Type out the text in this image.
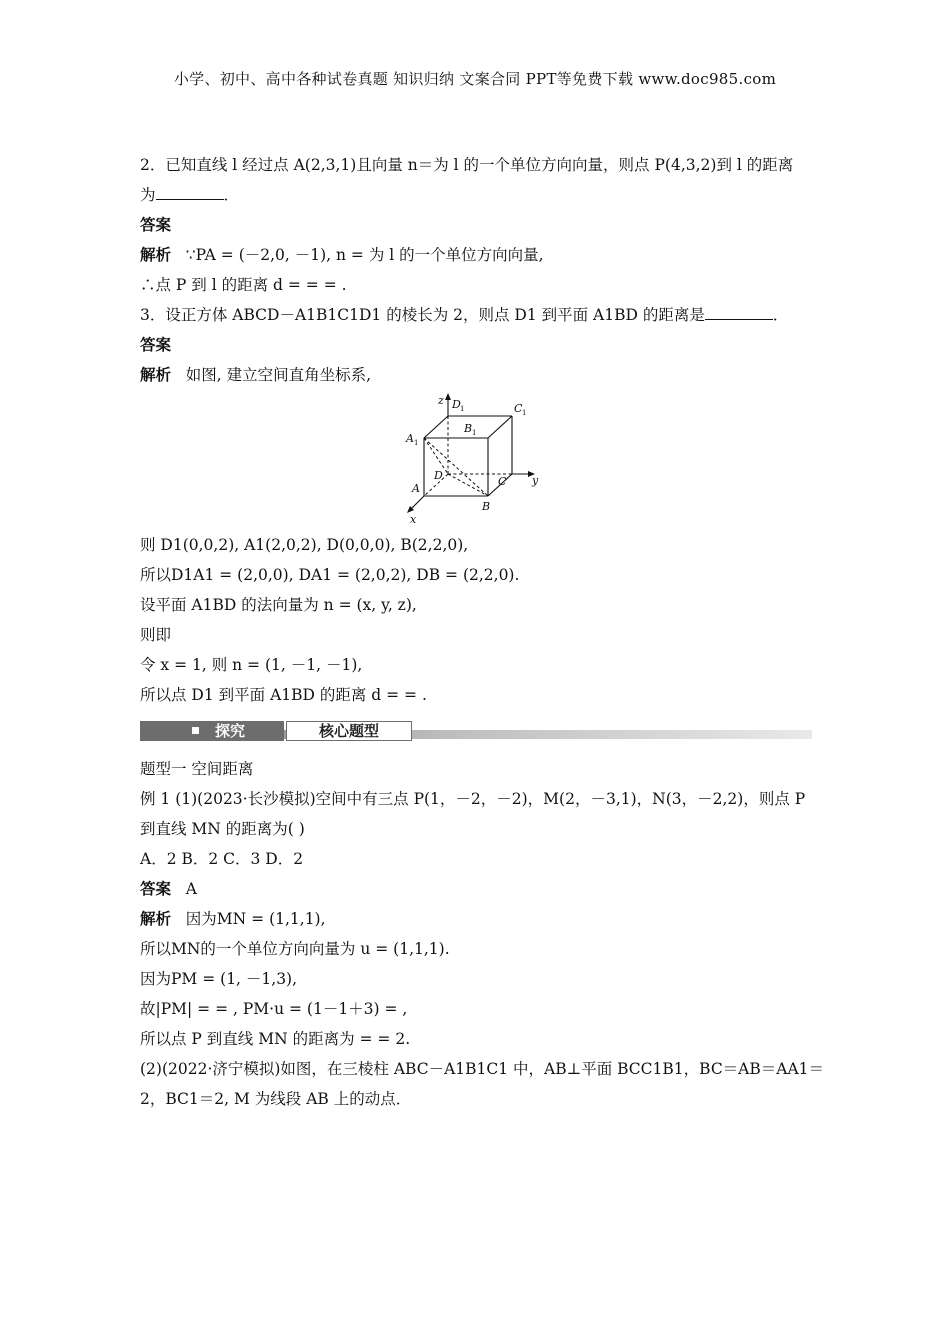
小学、初中、高中各种试卷真题 知识归纳 文案合同 PPT等免费下载 www.doc985.com
2．已知直线 l 经过点 A(2,3,1)且向量 n＝为 l 的一个单位方向向量，则点 P(4,3,2)到 l 的距离
为	．
答案
解析 ∵PA = (－2,0, －1), n = 为 l 的一个单位方向向量,
∴点 P 到 l 的距离 d = = = .
3．设正方体 ABCD－A1B1C1D1 的棱长为 2，则点 D1 到平面 A1BD 的距离是	．
答案
解析 如图, 建立空间直角坐标系,
z D 1	C 1
A 1
B 1
D	C y
A
B
x
则 D1(0,0,2), A1(2,0,2), D(0,0,0), B(2,2,0),
所以D1A1 = (2,0,0), DA1 = (2,0,2), DB = (2,2,0).
设平面 A1BD 的法向量为 n = (x, y, z),
则即
令 x = 1, 则 n = (1, －1, －1),
所以点 D1 到平面 A1BD 的距离 d = = .
探究	核心题型
题型一 空间距离
例 1 (1)(2023·长沙模拟)空间中有三点 P(1，－2，－2)，M(2，－3,1)，N(3，－2,2)，则点 P
到直线 MN 的距离为( )
A．2 B．2 C．3 D．2
答案 A
解析 因为MN = (1,1,1),
所以MN的一个单位方向向量为 u = (1,1,1).
因为PM = (1, －1,3),
故|PM| = = , PM·u = (1－1＋3) = ,
所以点 P 到直线 MN 的距离为 = = 2.
(2)(2022·济宁模拟)如图，在三棱柱 ABC－A1B1C1 中，AB⊥平面 BCC1B1，BC＝AB＝AA1＝
2，BC1＝2, M 为线段 AB 上的动点．
